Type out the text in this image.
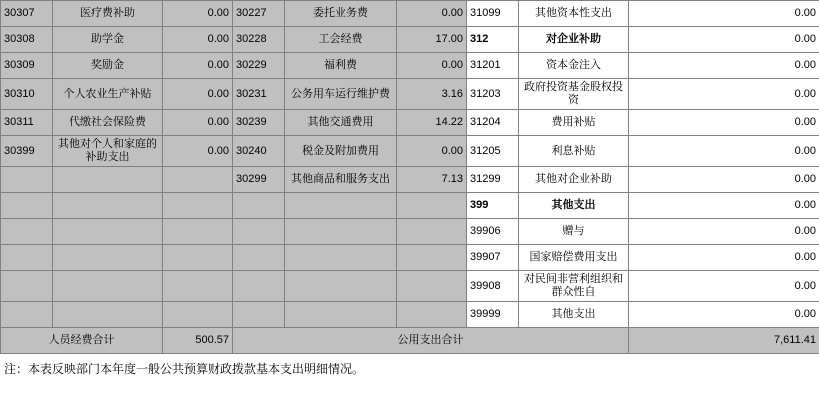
30307	医疗费补助	0.00	30227	委托业务费	0.00	31099	其他资本性支出	0.00
30308	助学金	0.00	30228	工会经费	17.00	312	对企业补助	0.00
30309	奖励金	0.00	30229	福利费	0.00	31201	资本金注入	0.00
30310	个人农业生产补贴	0.00	30231	公务用车运行维护费	3.16	31203	政府投资基金股权投资	0.00
30311	代缴社会保险费	0.00	30239	其他交通费用	14.22	31204	费用补贴	0.00
30399	其他对个人和家庭的补助支出	0.00	30240	税金及附加费用	0.00	31205	利息补贴	0.00
			30299	其他商品和服务支出	7.13	31299	其他对企业补助	0.00
						399	其他支出	0.00
						39906	赠与	0.00
						39907	国家赔偿费用支出	0.00
						39908	对民间非营利组织和群众性自	0.00
						39999	其他支出	0.00
人员经费合计		500.57	公用支出合计					7,611.41
注：本表反映部门本年度一般公共预算财政拨款基本支出明细情况。
